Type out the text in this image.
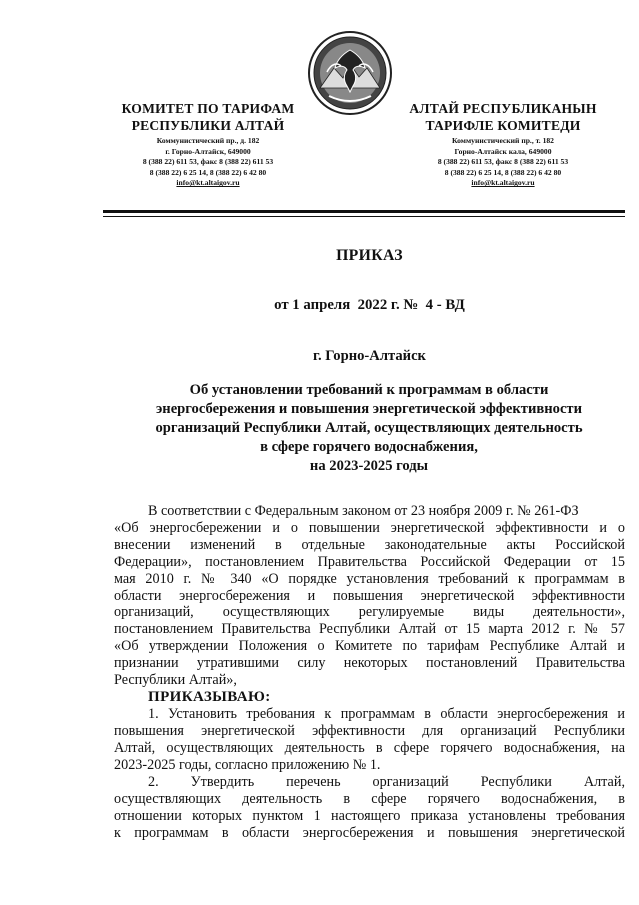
КОМИТЕТ ПО ТАРИФАМ
РЕСПУБЛИКИ АЛТАЙ
Коммунистический пр., д. 182
г. Горно-Алтайск, 649000
8 (388 22) 611 53, факс 8 (388 22) 611 53
8 (388 22) 6 25 14, 8 (388 22) 6 42 80
info@kt.altaigov.ru
АЛТАЙ РЕСПУБЛИКАНЫН
ТАРИФЛЕ КОМИТЕДИ
Коммунистический пр., т. 182
Горно-Алтайск кала, 649000
8 (388 22) 611 53, факс 8 (388 22) 611 53
8 (388 22) 6 25 14, 8 (388 22) 6 42 80
info@kt.altaigov.ru
ПРИКАЗ
от 1 апреля  2022 г. №  4 - ВД
г. Горно-Алтайск
Об установлении требований к программам в области
энергосбережения и повышения энергетической эффективности
организаций Республики Алтай, осуществляющих деятельность
в сфере горячего водоснабжения,
на 2023-2025 годы
В соответствии с Федеральным законом от 23 ноября 2009 г. № 261-ФЗ
«Об энергосбережении и о повышении энергетической эффективности и о
внесении изменений в отдельные законодательные акты Российской
Федерации», постановлением Правительства Российской Федерации от 15
мая 2010 г. № 340 «О порядке установления требований к программам в
области энергосбережения и повышения энергетической эффективности
организаций, осуществляющих регулируемые виды деятельности»,
постановлением Правительства Республики Алтай от 15 марта 2012 г. № 57
«Об утверждении Положения о Комитете по тарифам Республике Алтай и
признании утратившими силу некоторых постановлений Правительства
Республики Алтай»,
ПРИКАЗЫВАЮ:
1. Установить требования к программам в области энергосбережения и
повышения энергетической эффективности для организаций Республики
Алтай, осуществляющих деятельность в сфере горячего водоснабжения, на
2023-2025 годы, согласно приложению № 1.
2. Утвердить перечень организаций Республики Алтай,
осуществляющих деятельность в сфере горячего водоснабжения, в
отношении которых пунктом 1 настоящего приказа установлены требования
к программам в области энергосбережения и повышения энергетической
